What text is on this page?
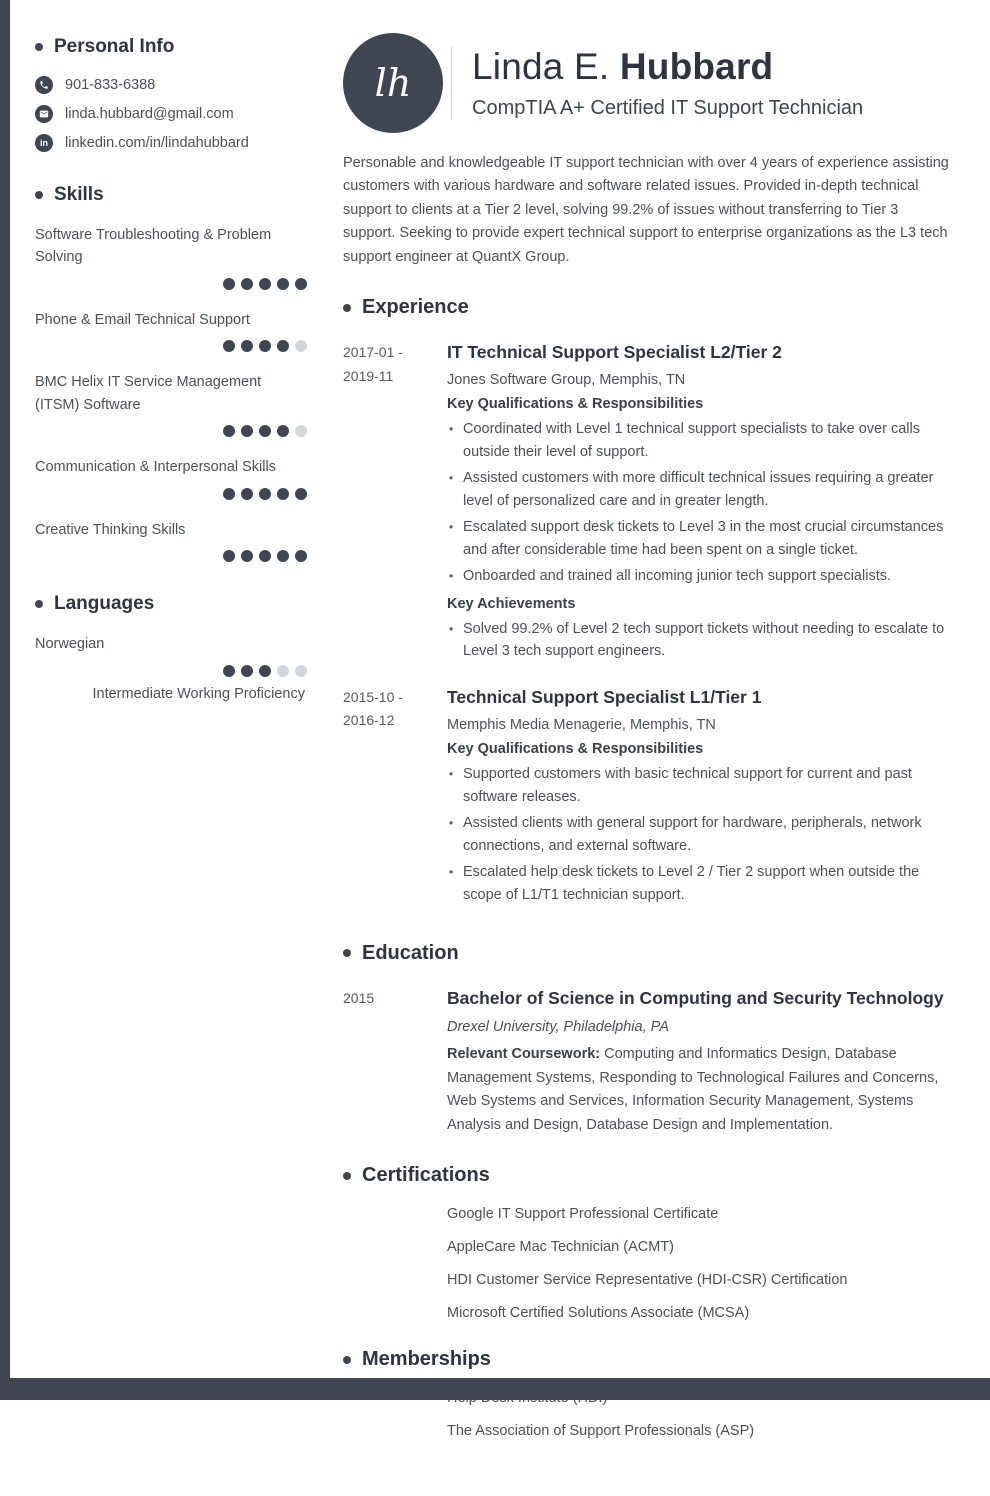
Personal Info
901-833-6388
linda.hubbard@gmail.com
in	linkedin.com/in/lindahubbard
Skills
Software Troubleshooting & Problem Solving
Phone & Email Technical Support
BMC Helix IT Service Management (ITSM) Software
Communication & Interpersonal Skills
Creative Thinking Skills
Languages
Norwegian
Intermediate Working Proficiency
lh Linda E. Hubbard
CompTIA A+ Certified IT Support Technician

Personable and knowledgeable IT support technician with over 4 years of experience assisting customers with various hardware and software related issues. Provided in-depth technical support to clients at a Tier 2 level, solving 99.2% of issues without transferring to Tier 3 support. Seeking to provide expert technical support to enterprise organizations as the L3 tech support engineer at QuantX Group.

Experience
2017-01 -
2019-11
IT Technical Support Specialist L2/Tier 2
Jones Software Group, Memphis, TN
Key Qualifications & Responsibilities
• Coordinated with Level 1 technical support specialists to take over calls outside their level of support.
• Assisted customers with more difficult technical issues requiring a greater level of personalized care and in greater length.
• Escalated support desk tickets to Level 3 in the most crucial circumstances and after considerable time had been spent on a single ticket.
• Onboarded and trained all incoming junior tech support specialists.
Key Achievements
• Solved 99.2% of Level 2 tech support tickets without needing to escalate to Level 3 tech support engineers.
2015-10 -
2016-12
Technical Support Specialist L1/Tier 1
Memphis Media Menagerie, Memphis, TN
Key Qualifications & Responsibilities
• Supported customers with basic technical support for current and past software releases.
• Assisted clients with general support for hardware, peripherals, network connections, and external software.
• Escalated help desk tickets to Level 2 / Tier 2 support when outside the scope of L1/T1 technician support.
Education
2015	Bachelor of Science in Computing and Security Technology
Drexel University, Philadelphia, PA

Relevant Coursework: Computing and Informatics Design, Database Management Systems, Responding to Technological Failures and Concerns, Web Systems and Services, Information Security Management, Systems Analysis and Design, Database Design and Implementation.

Certifications
Google IT Support Professional Certificate
AppleCare Mac Technician (ACMT)
HDI Customer Service Representative (HDI-CSR) Certification
Microsoft Certified Solutions Associate (MCSA)
Memberships
The Association of Support Professionals (ASP)
